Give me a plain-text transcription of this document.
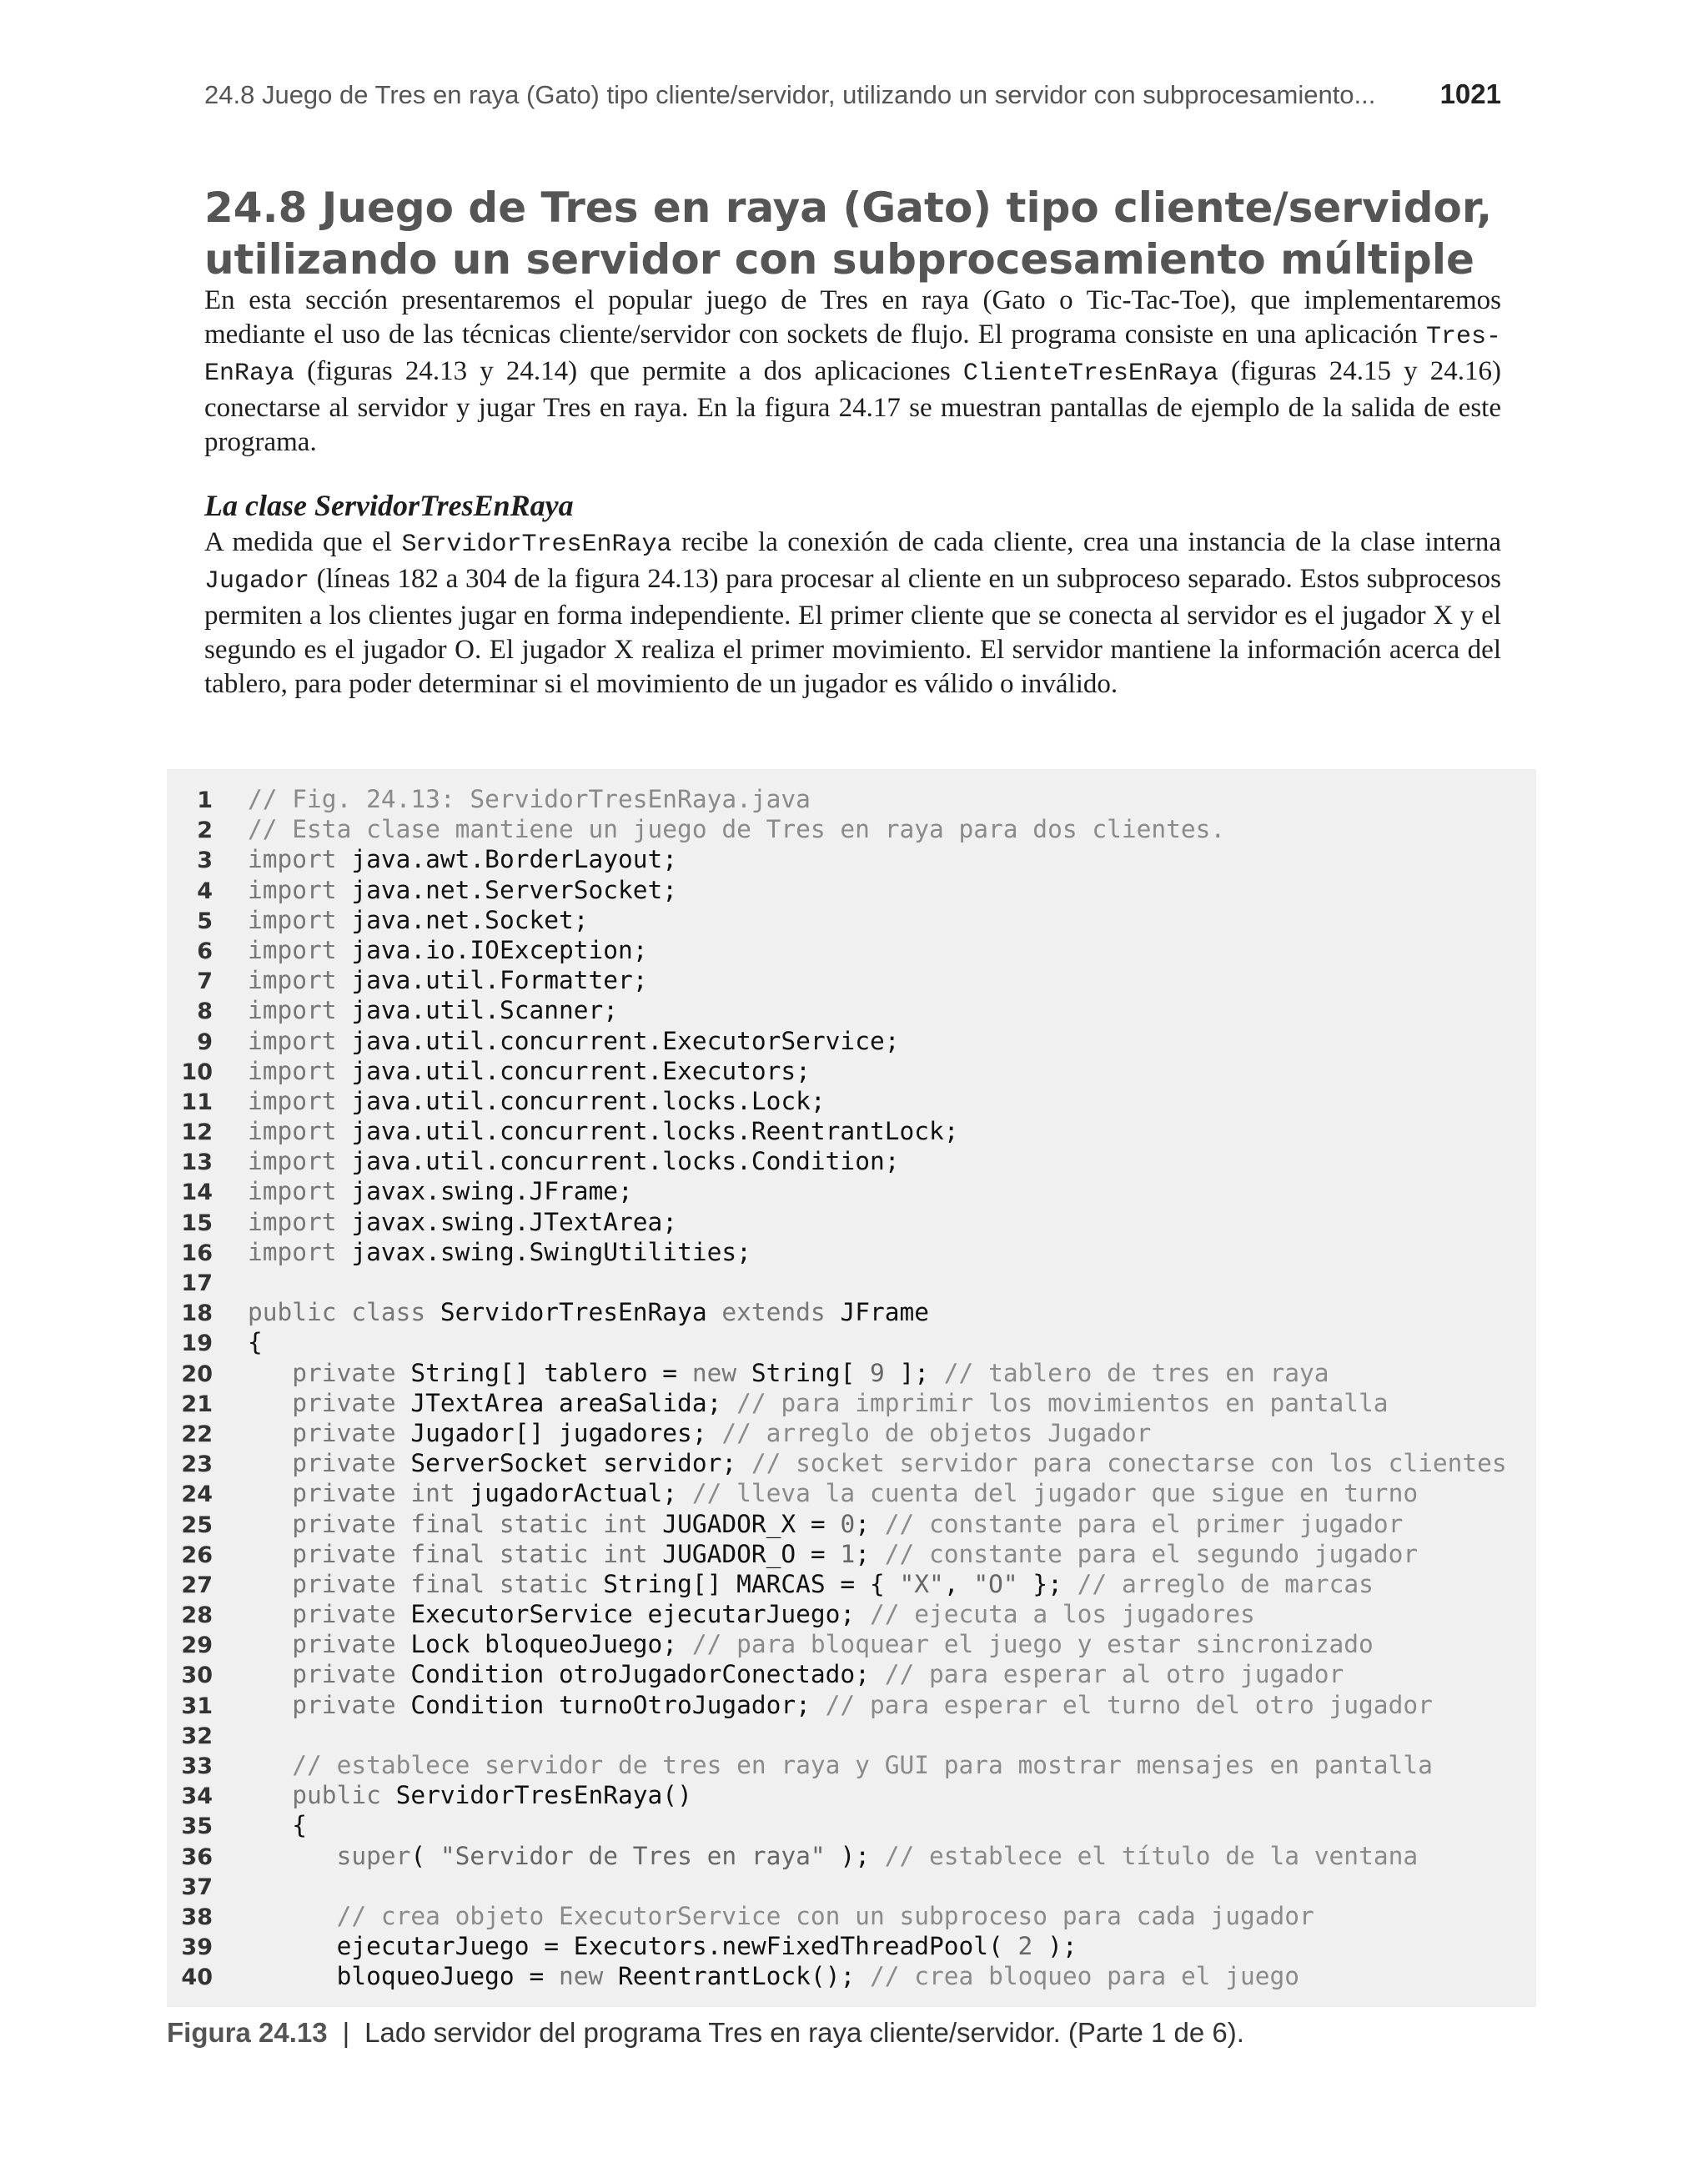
24.8 Juego de Tres en raya (Gato) tipo cliente/servidor, utilizando un servidor con subprocesamiento... 1021
24.8 Juego de Tres en raya (Gato) tipo cliente/servidor, utilizando un servidor con subprocesamiento múltiple

En esta sección presentaremos el popular juego de Tres en raya (Gato o Tic-Tac-Toe), que implementaremos mediante el uso de las técnicas cliente/servidor con sockets de flujo. El programa consiste en una aplicación Tres-EnRaya (figuras 24.13 y 24.14) que permite a dos aplicaciones ClienteTresEnRaya (figuras 24.15 y 24.16) conectarse al servidor y jugar Tres en raya. En la figura 24.17 se muestran pantallas de ejemplo de la salida de este programa.

La clase ServidorTresEnRaya

A medida que el ServidorTresEnRaya recibe la conexión de cada cliente, crea una instancia de la clase interna Jugador (líneas 182 a 304 de la figura 24.13) para procesar al cliente en un subproceso separado. Estos subprocesos permiten a los clientes jugar en forma independiente. El primer cliente que se conecta al servidor es el jugador X y el segundo es el jugador O. El jugador X realiza el primer movimiento. El servidor mantiene la información acerca del tablero, para poder determinar si el movimiento de un jugador es válido o inválido.

1 // Fig. 24.13: ServidorTresEnRaya.java
2 // Esta clase mantiene un juego de Tres en raya para dos clientes.
3 import java.awt.BorderLayout;
4 import java.net.ServerSocket;
5 import java.net.Socket;
6 import java.io.IOException;
7 import java.util.Formatter;
8 import java.util.Scanner;
9 import java.util.concurrent.ExecutorService;
10 import java.util.concurrent.Executors;
11 import java.util.concurrent.locks.Lock;
12 import java.util.concurrent.locks.ReentrantLock;
13 import java.util.concurrent.locks.Condition;
14 import javax.swing.JFrame;
15 import javax.swing.JTextArea;
16 import javax.swing.SwingUtilities;
17
18 public class ServidorTresEnRaya extends JFrame
19 {
20   private String[] tablero = new String[ 9 ]; // tablero de tres en raya
21   private JTextArea areaSalida; // para imprimir los movimientos en pantalla
22   private Jugador[] jugadores; // arreglo de objetos Jugador
23   private ServerSocket servidor; // socket servidor para conectarse con los clientes
24   private int jugadorActual; // lleva la cuenta del jugador que sigue en turno
25   private final static int JUGADOR_X = 0; // constante para el primer jugador
26   private final static int JUGADOR_O = 1; // constante para el segundo jugador
27   private final static String[] MARCAS = { "X", "O" }; // arreglo de marcas
28   private ExecutorService ejecutarJuego; // ejecuta a los jugadores
29   private Lock bloqueoJuego; // para bloquear el juego y estar sincronizado
30   private Condition otroJugadorConectado; // para esperar al otro jugador
31   private Condition turnoOtroJugador; // para esperar el turno del otro jugador
32
33   // establece servidor de tres en raya y GUI para mostrar mensajes en pantalla
34   public ServidorTresEnRaya()
35   {
36      super( "Servidor de Tres en raya" ); // establece el título de la ventana
37
38      // crea objeto ExecutorService con un subproceso para cada jugador
39      ejecutarJuego = Executors.newFixedThreadPool( 2 );
40      bloqueoJuego = new ReentrantLock(); // crea bloqueo para el juego
Figura 24.13 | Lado servidor del programa Tres en raya cliente/servidor. (Parte 1 de 6).
